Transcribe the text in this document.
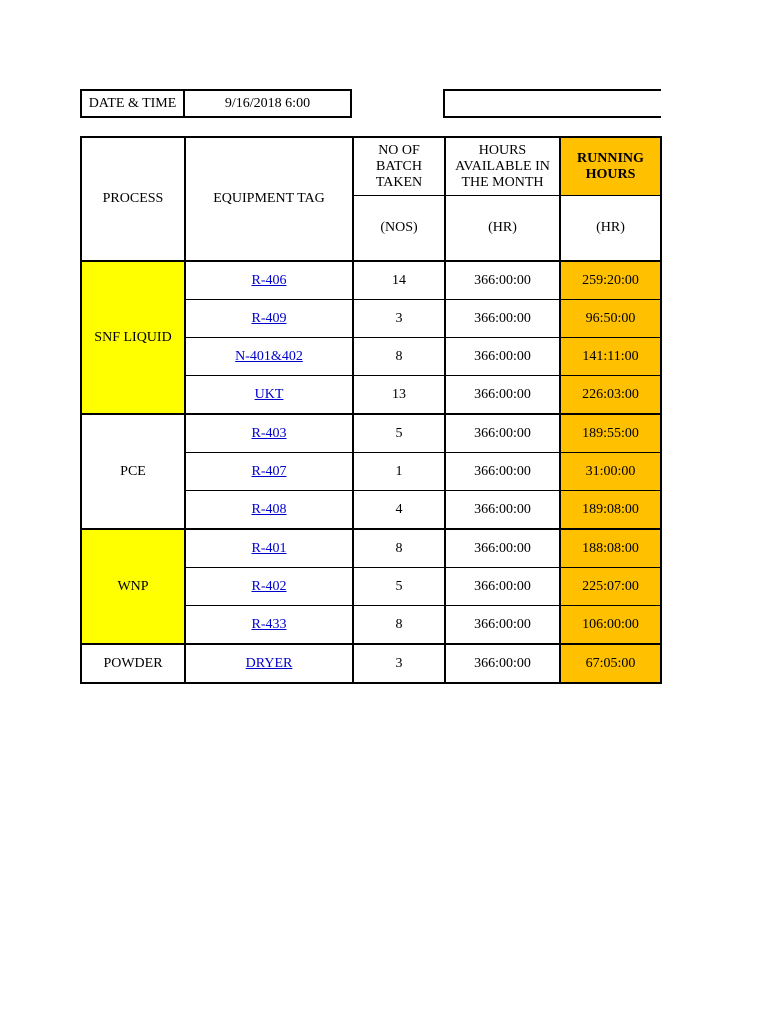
DATE & TIME	9/16/2018 6:00
PROCESS	EQUIPMENT TAG	NO OF BATCH TAKEN	HOURS AVAILABLE IN THE MONTH	RUNNING HOURS
		(NOS)	(HR)	(HR)
SNF LIQUID	R-406	14	366:00:00	259:20:00
	R-409	3	366:00:00	96:50:00
	N-401&402	8	366:00:00	141:11:00
	UKT	13	366:00:00	226:03:00
PCE	R-403	5	366:00:00	189:55:00
	R-407	1	366:00:00	31:00:00
	R-408	4	366:00:00	189:08:00
WNP	R-401	8	366:00:00	188:08:00
	R-402	5	366:00:00	225:07:00
	R-433	8	366:00:00	106:00:00
POWDER	DRYER	3	366:00:00	67:05:00
